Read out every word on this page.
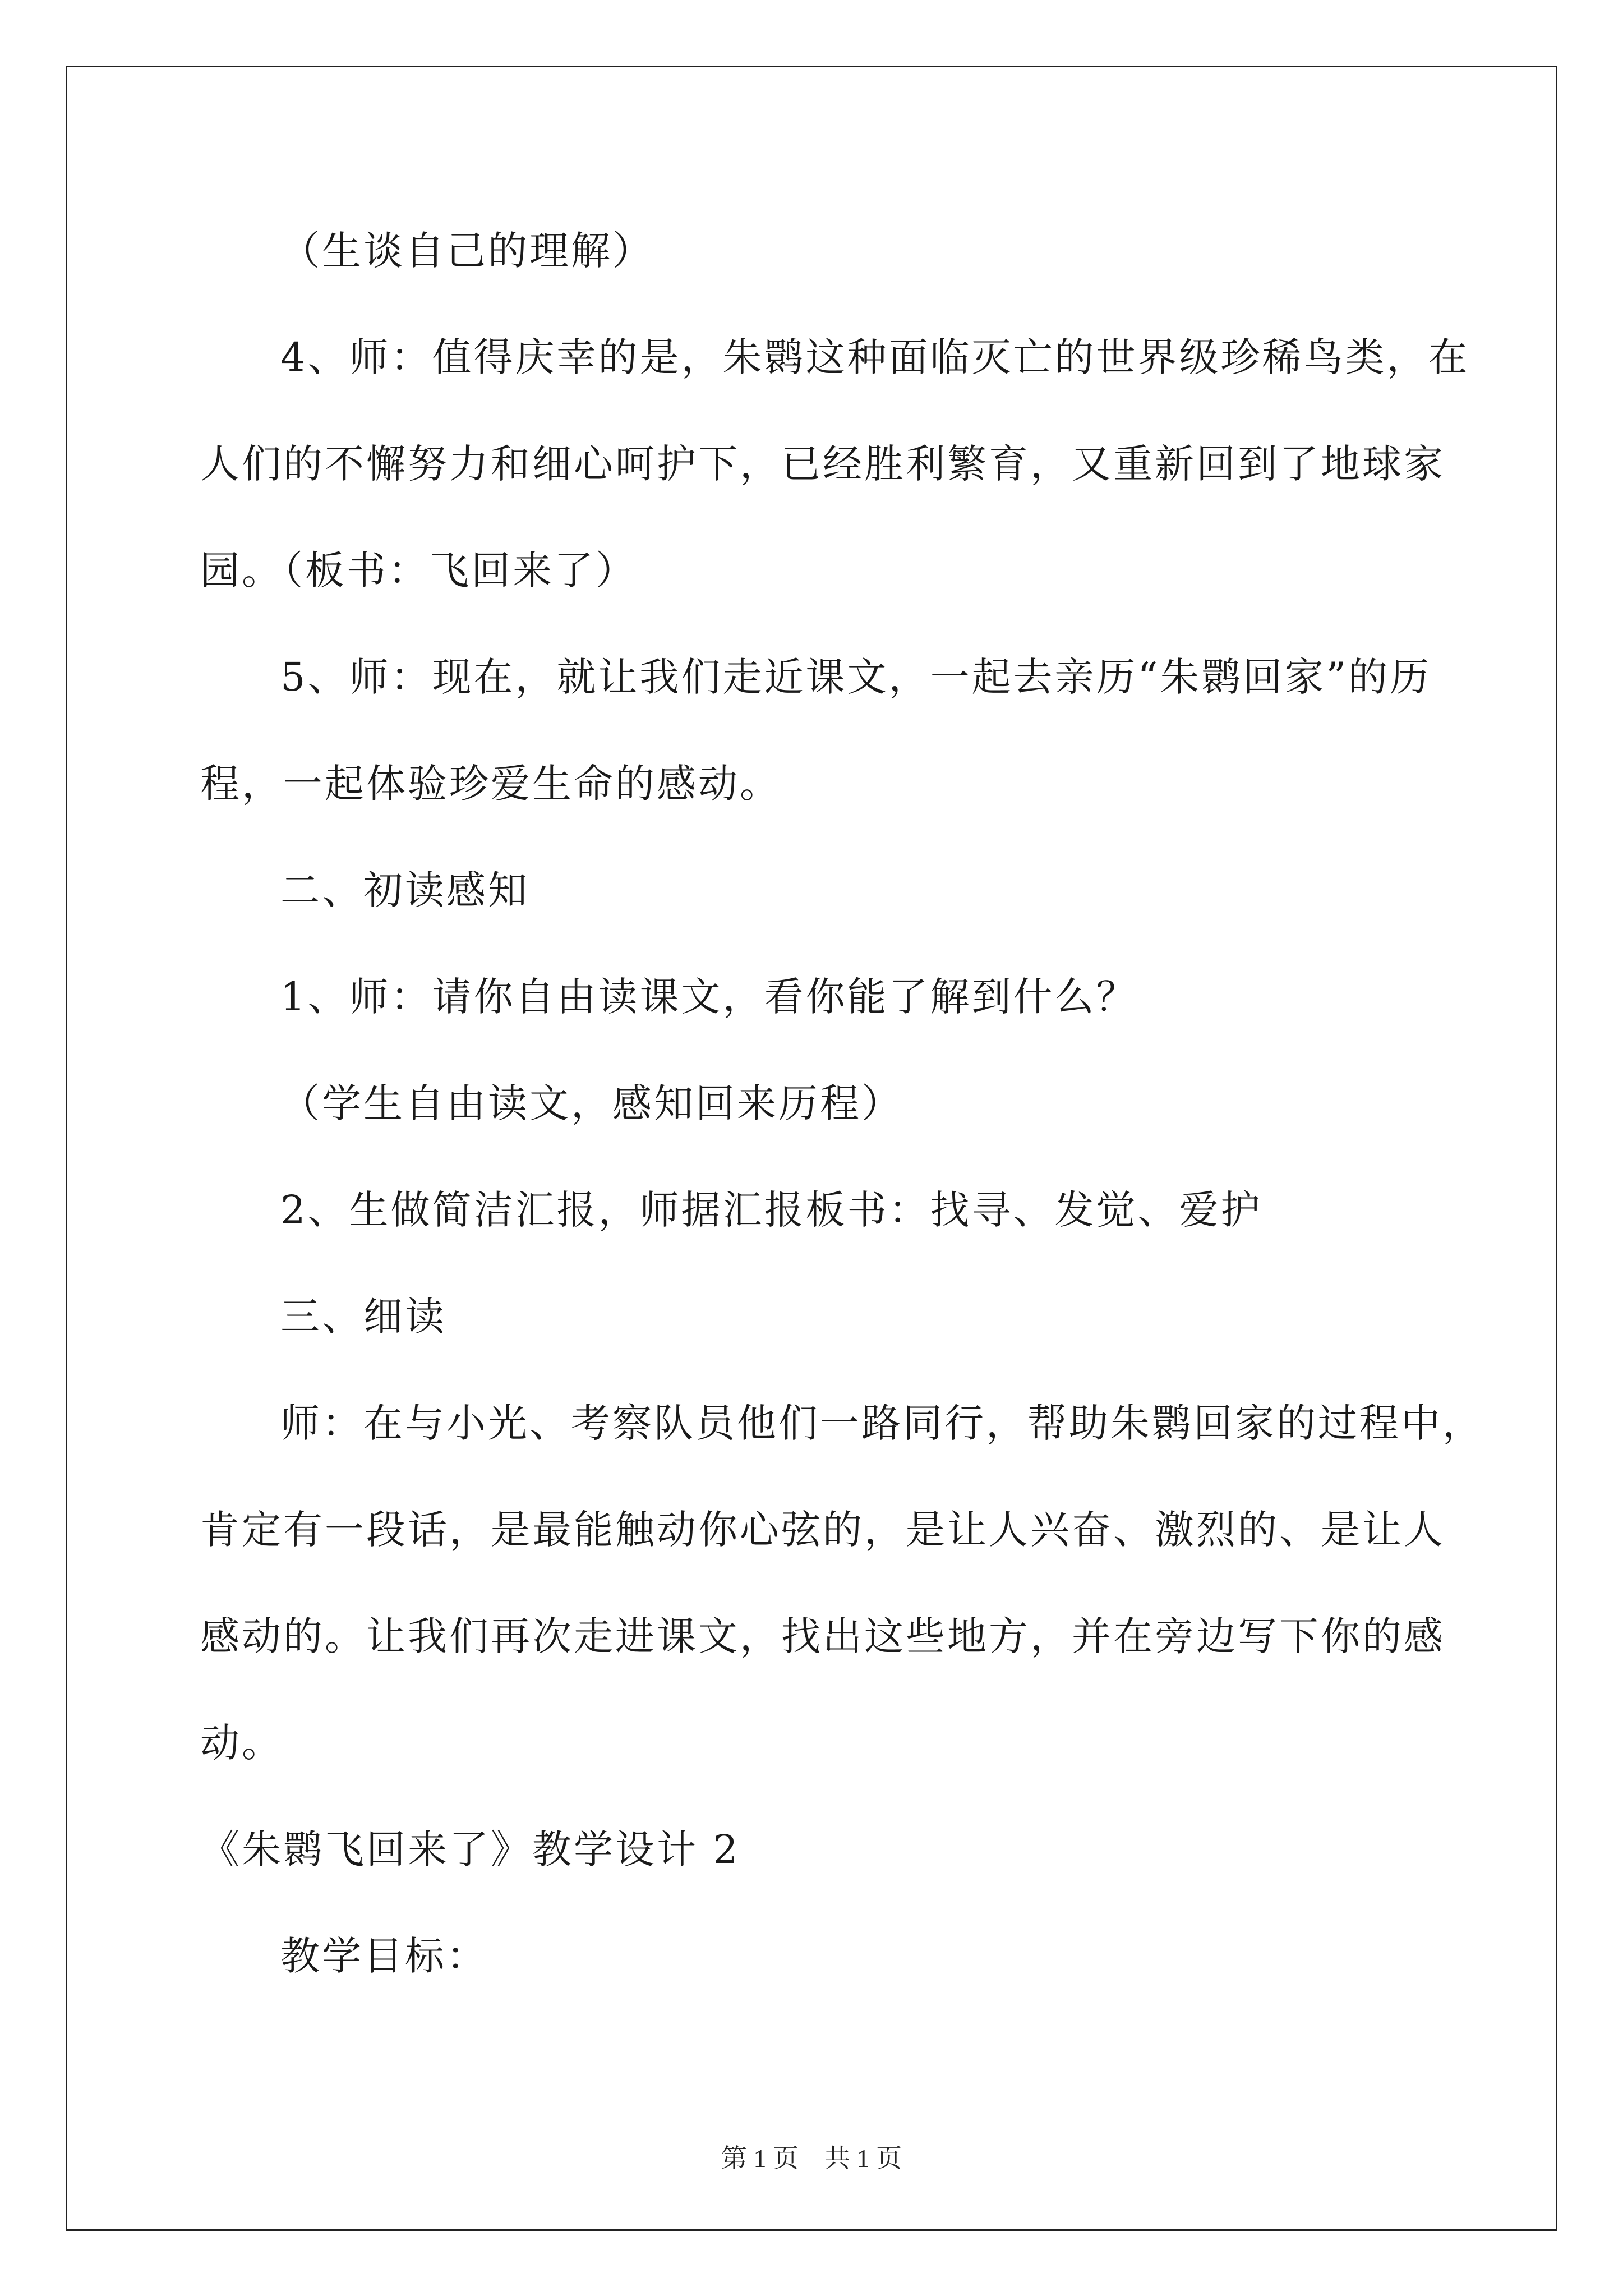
（生谈自己的理解）
4、师：值得庆幸的是，朱鹮这种面临灭亡的世界级珍稀鸟类，在
人们的不懈努力和细心呵护下，已经胜利繁育，又重新回到了地球家
园。（板书：飞回来了）
5、师：现在，就让我们走近课文，一起去亲历“朱鹮回家”的历
程，一起体验珍爱生命的感动。
二、初读感知
1、师：请你自由读课文，看你能了解到什么？
（学生自由读文，感知回来历程）
2、生做简洁汇报，师据汇报板书：找寻、发觉、爱护
三、细读
师：在与小光、考察队员他们一路同行，帮助朱鹮回家的过程中，
肯定有一段话，是最能触动你心弦的，是让人兴奋、激烈的、是让人
感动的。让我们再次走进课文，找出这些地方，并在旁边写下你的感
动。
《朱鹮飞回来了》教学设计 2
教学目标：
第 1 页　共 1 页
